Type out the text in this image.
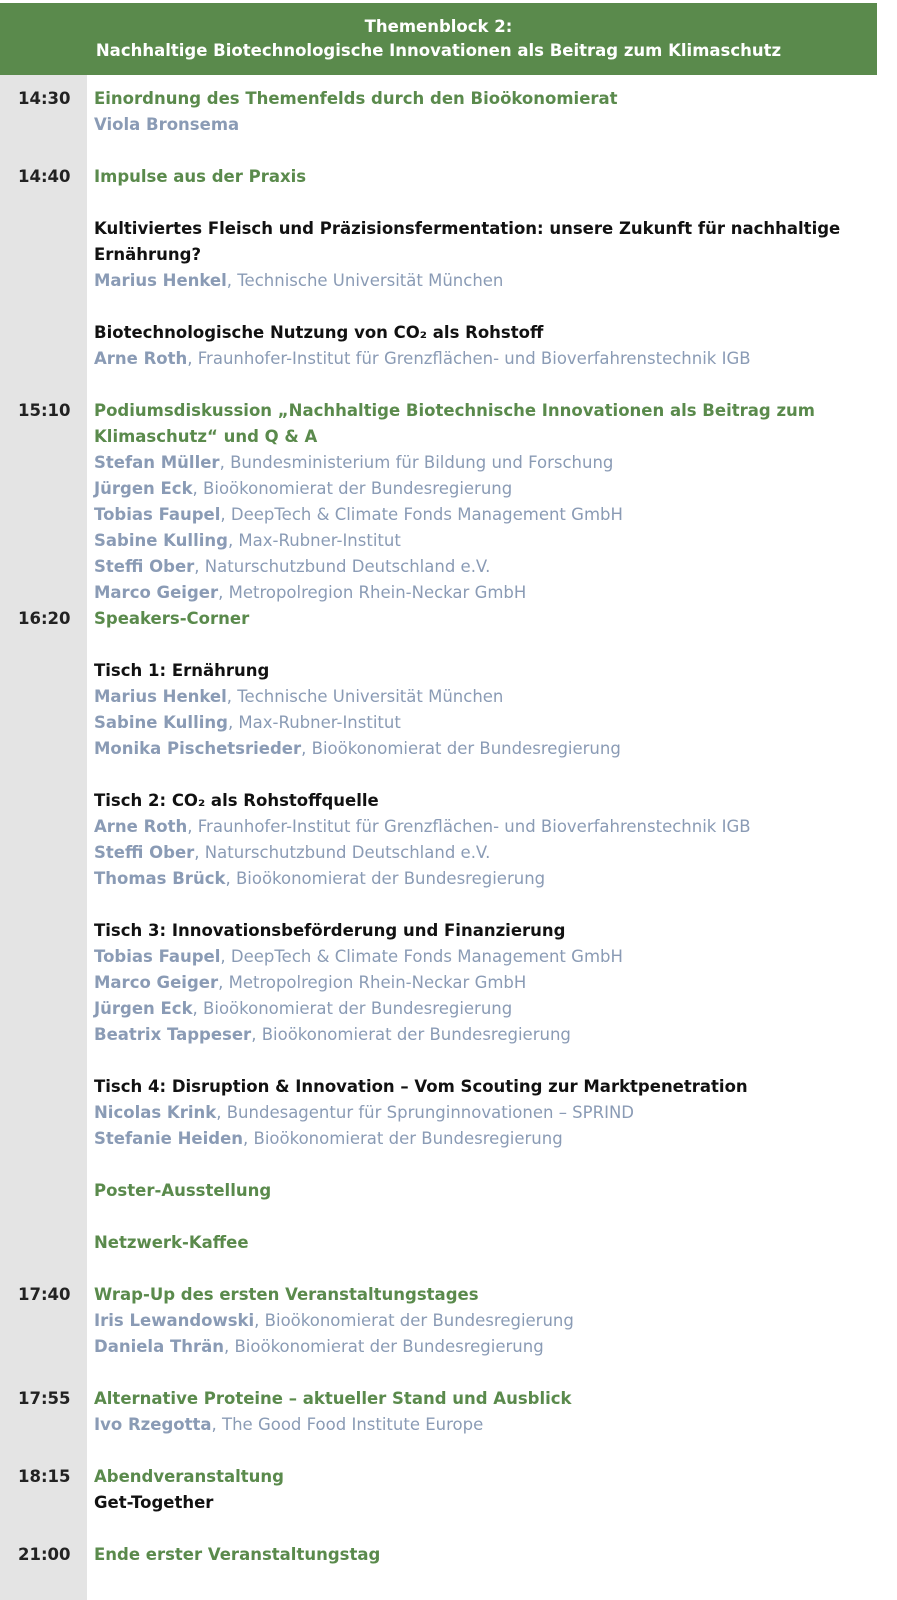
Themenblock 2:
Nachhaltige Biotechnologische Innovationen als Beitrag zum Klimaschutz
14:30	Einordnung des Themenfelds durch den Bioökonomierat
Viola Bronsema
14:40	Impulse aus der Praxis
Kultiviertes Fleisch und Präzisionsfermentation: unsere Zukunft für nachhaltige
Ernährung?
Marius Henkel, Technische Universität München
Biotechnologische Nutzung von CO₂ als Rohstoff
Arne Roth, Fraunhofer-Institut für Grenzflächen- und Bioverfahrenstechnik IGB
15:10	Podiumsdiskussion „Nachhaltige Biotechnische Innovationen als Beitrag zum
Klimaschutz“ und Q & A
Stefan Müller, Bundesministerium für Bildung und Forschung
Jürgen Eck, Bioökonomierat der Bundesregierung
Tobias Faupel, DeepTech & Climate Fonds Management GmbH
Sabine Kulling, Max-Rubner-Institut
Steffi Ober, Naturschutzbund Deutschland e.V.
Marco Geiger, Metropolregion Rhein-Neckar GmbH
16:20	Speakers-Corner
Tisch 1: Ernährung
Marius Henkel, Technische Universität München
Sabine Kulling, Max-Rubner-Institut
Monika Pischetsrieder, Bioökonomierat der Bundesregierung
Tisch 2: CO₂ als Rohstoffquelle
Arne Roth, Fraunhofer-Institut für Grenzflächen- und Bioverfahrenstechnik IGB
Steffi Ober, Naturschutzbund Deutschland e.V.
Thomas Brück, Bioökonomierat der Bundesregierung
Tisch 3: Innovationsbeförderung und Finanzierung
Tobias Faupel, DeepTech & Climate Fonds Management GmbH
Marco Geiger, Metropolregion Rhein-Neckar GmbH
Jürgen Eck, Bioökonomierat der Bundesregierung
Beatrix Tappeser, Bioökonomierat der Bundesregierung
Tisch 4: Disruption & Innovation – Vom Scouting zur Marktpenetration
Nicolas Krink, Bundesagentur für Sprunginnovationen – SPRIND
Stefanie Heiden, Bioökonomierat der Bundesregierung
Poster-Ausstellung
Netzwerk-Kaffee
17:40	Wrap-Up des ersten Veranstaltungstages
Iris Lewandowski, Bioökonomierat der Bundesregierung
Daniela Thrän, Bioökonomierat der Bundesregierung
17:55	Alternative Proteine – aktueller Stand und Ausblick
Ivo Rzegotta, The Good Food Institute Europe
18:15	Abendveranstaltung
Get-Together
21:00	Ende erster Veranstaltungstag
